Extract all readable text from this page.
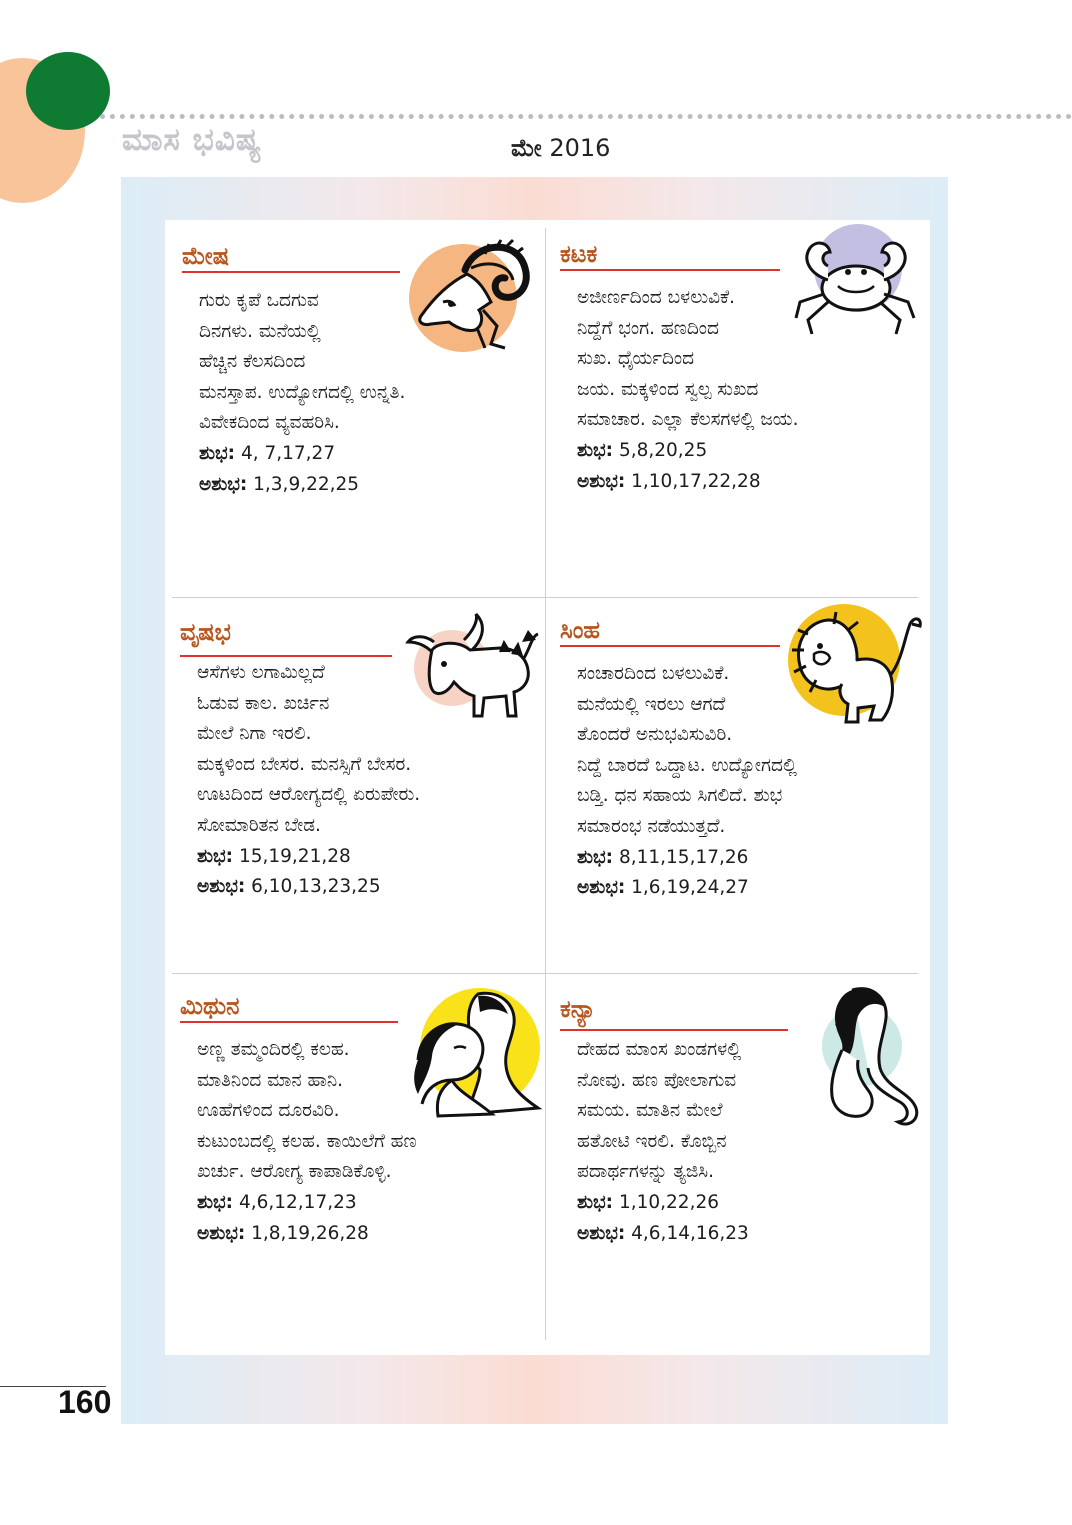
ಮಾಸ ಭವಿಷ್ಯ	ಮೇ 2016
ಮೇಷ
ಗುರು ಕೃಪೆ ಒದಗುವ
ದಿನಗಳು. ಮನೆಯಲ್ಲಿ
ಹೆಚ್ಚಿನ ಕೆಲಸದಿಂದ
ಮನಸ್ತಾಪ. ಉದ್ಯೋಗದಲ್ಲಿ ಉನ್ನತಿ.
ವಿವೇಕದಿಂದ ವ್ಯವಹರಿಸಿ.
ಶುಭ: 4, 7,17,27
ಅಶುಭ: 1,3,9,22,25
ಕಟಕ
ಅಜೀರ್ಣದಿಂದ ಬಳಲುವಿಕೆ.
ನಿದ್ದೆಗೆ ಭಂಗ. ಹಣದಿಂದ
ಸುಖ. ಧೈರ್ಯದಿಂದ
ಜಯ. ಮಕ್ಕಳಿಂದ ಸ್ವಲ್ಪ ಸುಖದ
ಸಮಾಚಾರ. ಎಲ್ಲಾ ಕೆಲಸಗಳಲ್ಲಿ ಜಯ.
ಶುಭ: 5,8,20,25
ಅಶುಭ: 1,10,17,22,28
ವೃಷಭ
ಆಸೆಗಳು ಲಗಾಮಿಲ್ಲದೆ
ಓಡುವ ಕಾಲ. ಖರ್ಚಿನ
ಮೇಲೆ ನಿಗಾ ಇರಲಿ.
ಮಕ್ಕಳಿಂದ ಬೇಸರ. ಮನಸ್ಸಿಗೆ ಬೇಸರ.
ಊಟದಿಂದ ಆರೋಗ್ಯದಲ್ಲಿ ಏರುಪೇರು.
ಸೋಮಾರಿತನ ಬೇಡ.
ಶುಭ: 15,19,21,28
ಅಶುಭ: 6,10,13,23,25
ಸಿಂಹ
ಸಂಚಾರದಿಂದ ಬಳಲುವಿಕೆ.
ಮನೆಯಲ್ಲಿ ಇರಲು ಆಗದೆ
ತೊಂದರೆ ಅನುಭವಿಸುವಿರಿ.
ನಿದ್ದೆ ಬಾರದೆ ಒದ್ದಾಟ. ಉದ್ಯೋಗದಲ್ಲಿ
ಬಡ್ತಿ. ಧನ ಸಹಾಯ ಸಿಗಲಿದೆ. ಶುಭ
ಸಮಾರಂಭ ನಡೆಯುತ್ತದೆ.
ಶುಭ: 8,11,15,17,26
ಅಶುಭ: 1,6,19,24,27
ಮಿಥುನ
ಅಣ್ಣ ತಮ್ಮಂದಿರಲ್ಲಿ ಕಲಹ.
ಮಾತಿನಿಂದ ಮಾನ ಹಾನಿ.
ಊಹೆಗಳಿಂದ ದೂರವಿರಿ.
ಕುಟುಂಬದಲ್ಲಿ ಕಲಹ. ಕಾಯಿಲೆಗೆ ಹಣ
ಖರ್ಚು. ಆರೋಗ್ಯ ಕಾಪಾಡಿಕೊಳ್ಳಿ.
ಶುಭ: 4,6,12,17,23
ಅಶುಭ: 1,8,19,26,28
ಕನ್ಯಾ
ದೇಹದ ಮಾಂಸ ಖಂಡಗಳಲ್ಲಿ
ನೋವು. ಹಣ ಪೋಲಾಗುವ
ಸಮಯ. ಮಾತಿನ ಮೇಲೆ
ಹತೋಟಿ ಇರಲಿ. ಕೊಬ್ಬಿನ
ಪದಾರ್ಥಗಳನ್ನು ತ್ಯಜಿಸಿ.
ಶುಭ: 1,10,22,26
ಅಶುಭ: 4,6,14,16,23
160
